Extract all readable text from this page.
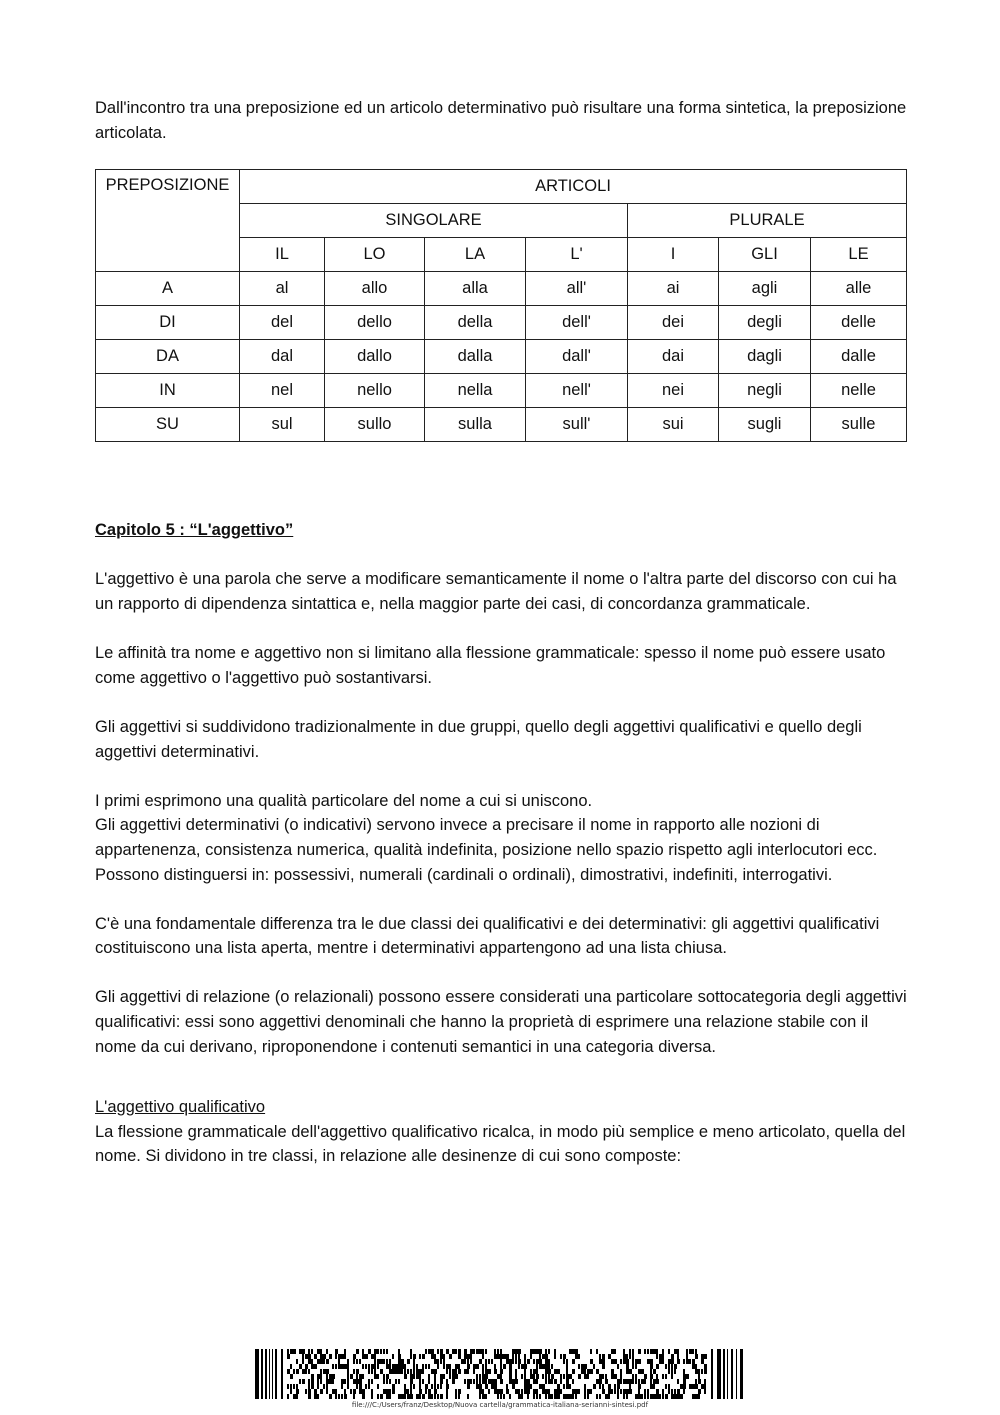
Dall'incontro tra una preposizione ed un articolo determinativo può risultare una forma sintetica, la preposizione articolata.

PREPOSIZIONE	ARTICOLI						
	SINGOLARE				PLURALE		
	IL	LO	LA	L'	I	GLI	LE
A	al	allo	alla	all'	ai	agli	alle
DI	del	dello	della	dell'	dei	degli	delle
DA	dal	dallo	dalla	dall'	dai	dagli	dalle
IN	nel	nello	nella	nell'	nei	negli	nelle
SU	sul	sullo	sulla	sull'	sui	sugli	sulle

Capitolo 5 : “L'aggettivo”

L'aggettivo è una parola che serve a modificare semanticamente il nome o l'altra parte del discorso con cui ha un rapporto di dipendenza sintattica e, nella maggior parte dei casi, di concordanza grammaticale.

Le affinità tra nome e aggettivo non si limitano alla flessione grammaticale: spesso il nome può essere usato come aggettivo o l'aggettivo può sostantivarsi.

Gli aggettivi si suddividono tradizionalmente in due gruppi, quello degli aggettivi qualificativi e quello degli aggettivi determinativi.

I primi esprimono una qualità particolare del nome a cui si uniscono.

Gli aggettivi determinativi (o indicativi) servono invece a precisare il nome in rapporto alle nozioni di appartenenza, consistenza numerica, qualità indefinita, posizione nello spazio rispetto agli interlocutori ecc. Possono distinguersi in: possessivi, numerali (cardinali o ordinali), dimostrativi, indefiniti, interrogativi.

C'è una fondamentale differenza tra le due classi dei qualificativi e dei determinativi: gli aggettivi qualificativi costituiscono una lista aperta, mentre i determinativi appartengono ad una lista chiusa.

Gli aggettivi di relazione (o relazionali) possono essere considerati una particolare sottocategoria degli aggettivi qualificativi: essi sono aggettivi denominali che hanno la proprietà di esprimere una relazione stabile con il nome da cui derivano, riproponendone i contenuti semantici in una categoria diversa.

L'aggettivo qualificativo

La flessione grammaticale dell'aggettivo qualificativo ricalca, in modo più semplice e meno articolato, quella del nome. Si dividono in tre classi, in relazione alle desinenze di cui sono composte:

file:///C:/Users/franz/Desktop/Nuova cartella/grammatica-italiana-serianni-sintesi.pdf
